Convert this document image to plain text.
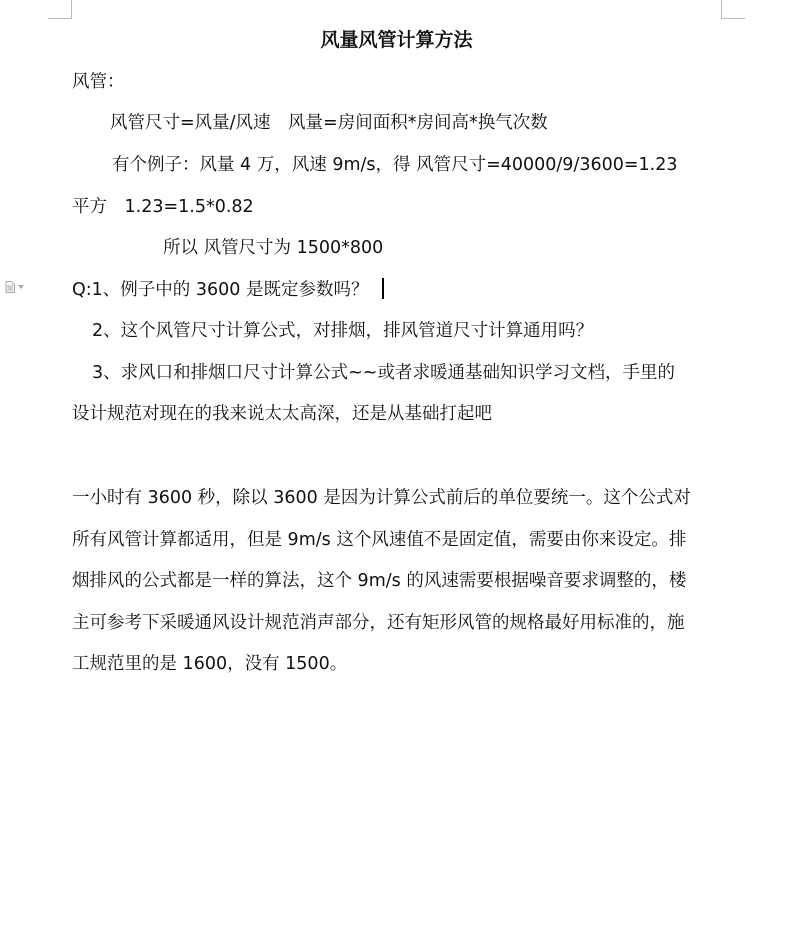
风量风管计算方法
风管：
风管尺寸=风量/风速　风量=房间面积*房间高*换气次数
有个例子：风量 4 万，风速 9m/s，得 风管尺寸=40000/9/3600=1.23
平方　1.23=1.5*0.82
所以 风管尺寸为 1500*800
Q:1、例子中的 3600 是既定参数吗？
2、这个风管尺寸计算公式，对排烟，排风管道尺寸计算通用吗？
3、求风口和排烟口尺寸计算公式~~或者求暖通基础知识学习文档，手里的
设计规范对现在的我来说太太高深，还是从基础打起吧
一小时有 3600 秒，除以 3600 是因为计算公式前后的单位要统一。这个公式对
所有风管计算都适用，但是 9m/s 这个风速值不是固定值，需要由你来设定。排
烟排风的公式都是一样的算法，这个 9m/s 的风速需要根据噪音要求调整的，楼
主可参考下采暖通风设计规范消声部分，还有矩形风管的规格最好用标准的，施
工规范里的是 1600，没有 1500。
